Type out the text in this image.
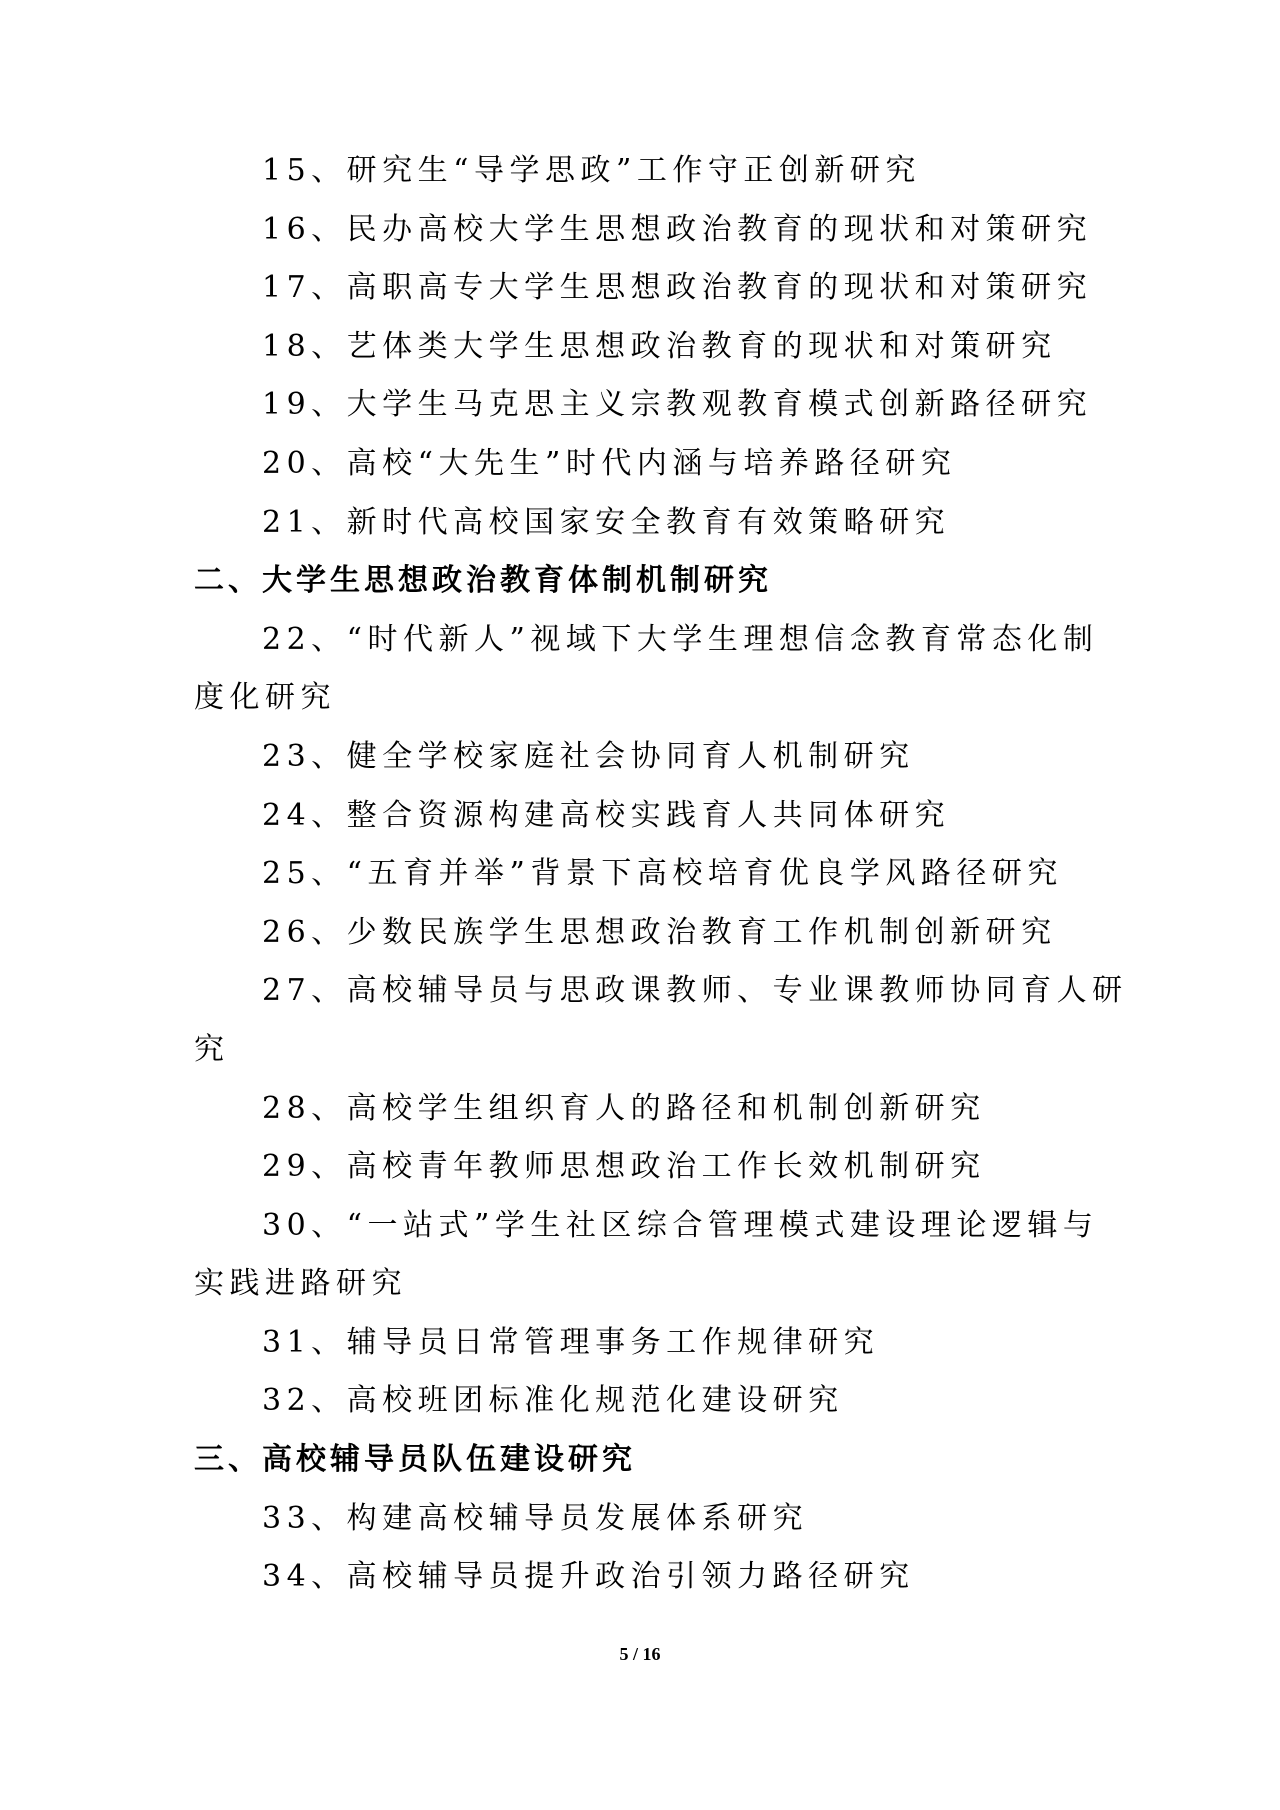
15、研究生“导学思政”工作守正创新研究
16、民办高校大学生思想政治教育的现状和对策研究
17、高职高专大学生思想政治教育的现状和对策研究
18、艺体类大学生思想政治教育的现状和对策研究
19、大学生马克思主义宗教观教育模式创新路径研究
20、高校“大先生”时代内涵与培养路径研究
21、新时代高校国家安全教育有效策略研究
二、大学生思想政治教育体制机制研究
22、“时代新人”视域下大学生理想信念教育常态化制
度化研究
23、健全学校家庭社会协同育人机制研究
24、整合资源构建高校实践育人共同体研究
25、“五育并举”背景下高校培育优良学风路径研究
26、少数民族学生思想政治教育工作机制创新研究
27、高校辅导员与思政课教师、专业课教师协同育人研
究
28、高校学生组织育人的路径和机制创新研究
29、高校青年教师思想政治工作长效机制研究
30、“一站式”学生社区综合管理模式建设理论逻辑与
实践进路研究
31、辅导员日常管理事务工作规律研究
32、高校班团标准化规范化建设研究
三、高校辅导员队伍建设研究
33、构建高校辅导员发展体系研究
34、高校辅导员提升政治引领力路径研究
5 / 16
